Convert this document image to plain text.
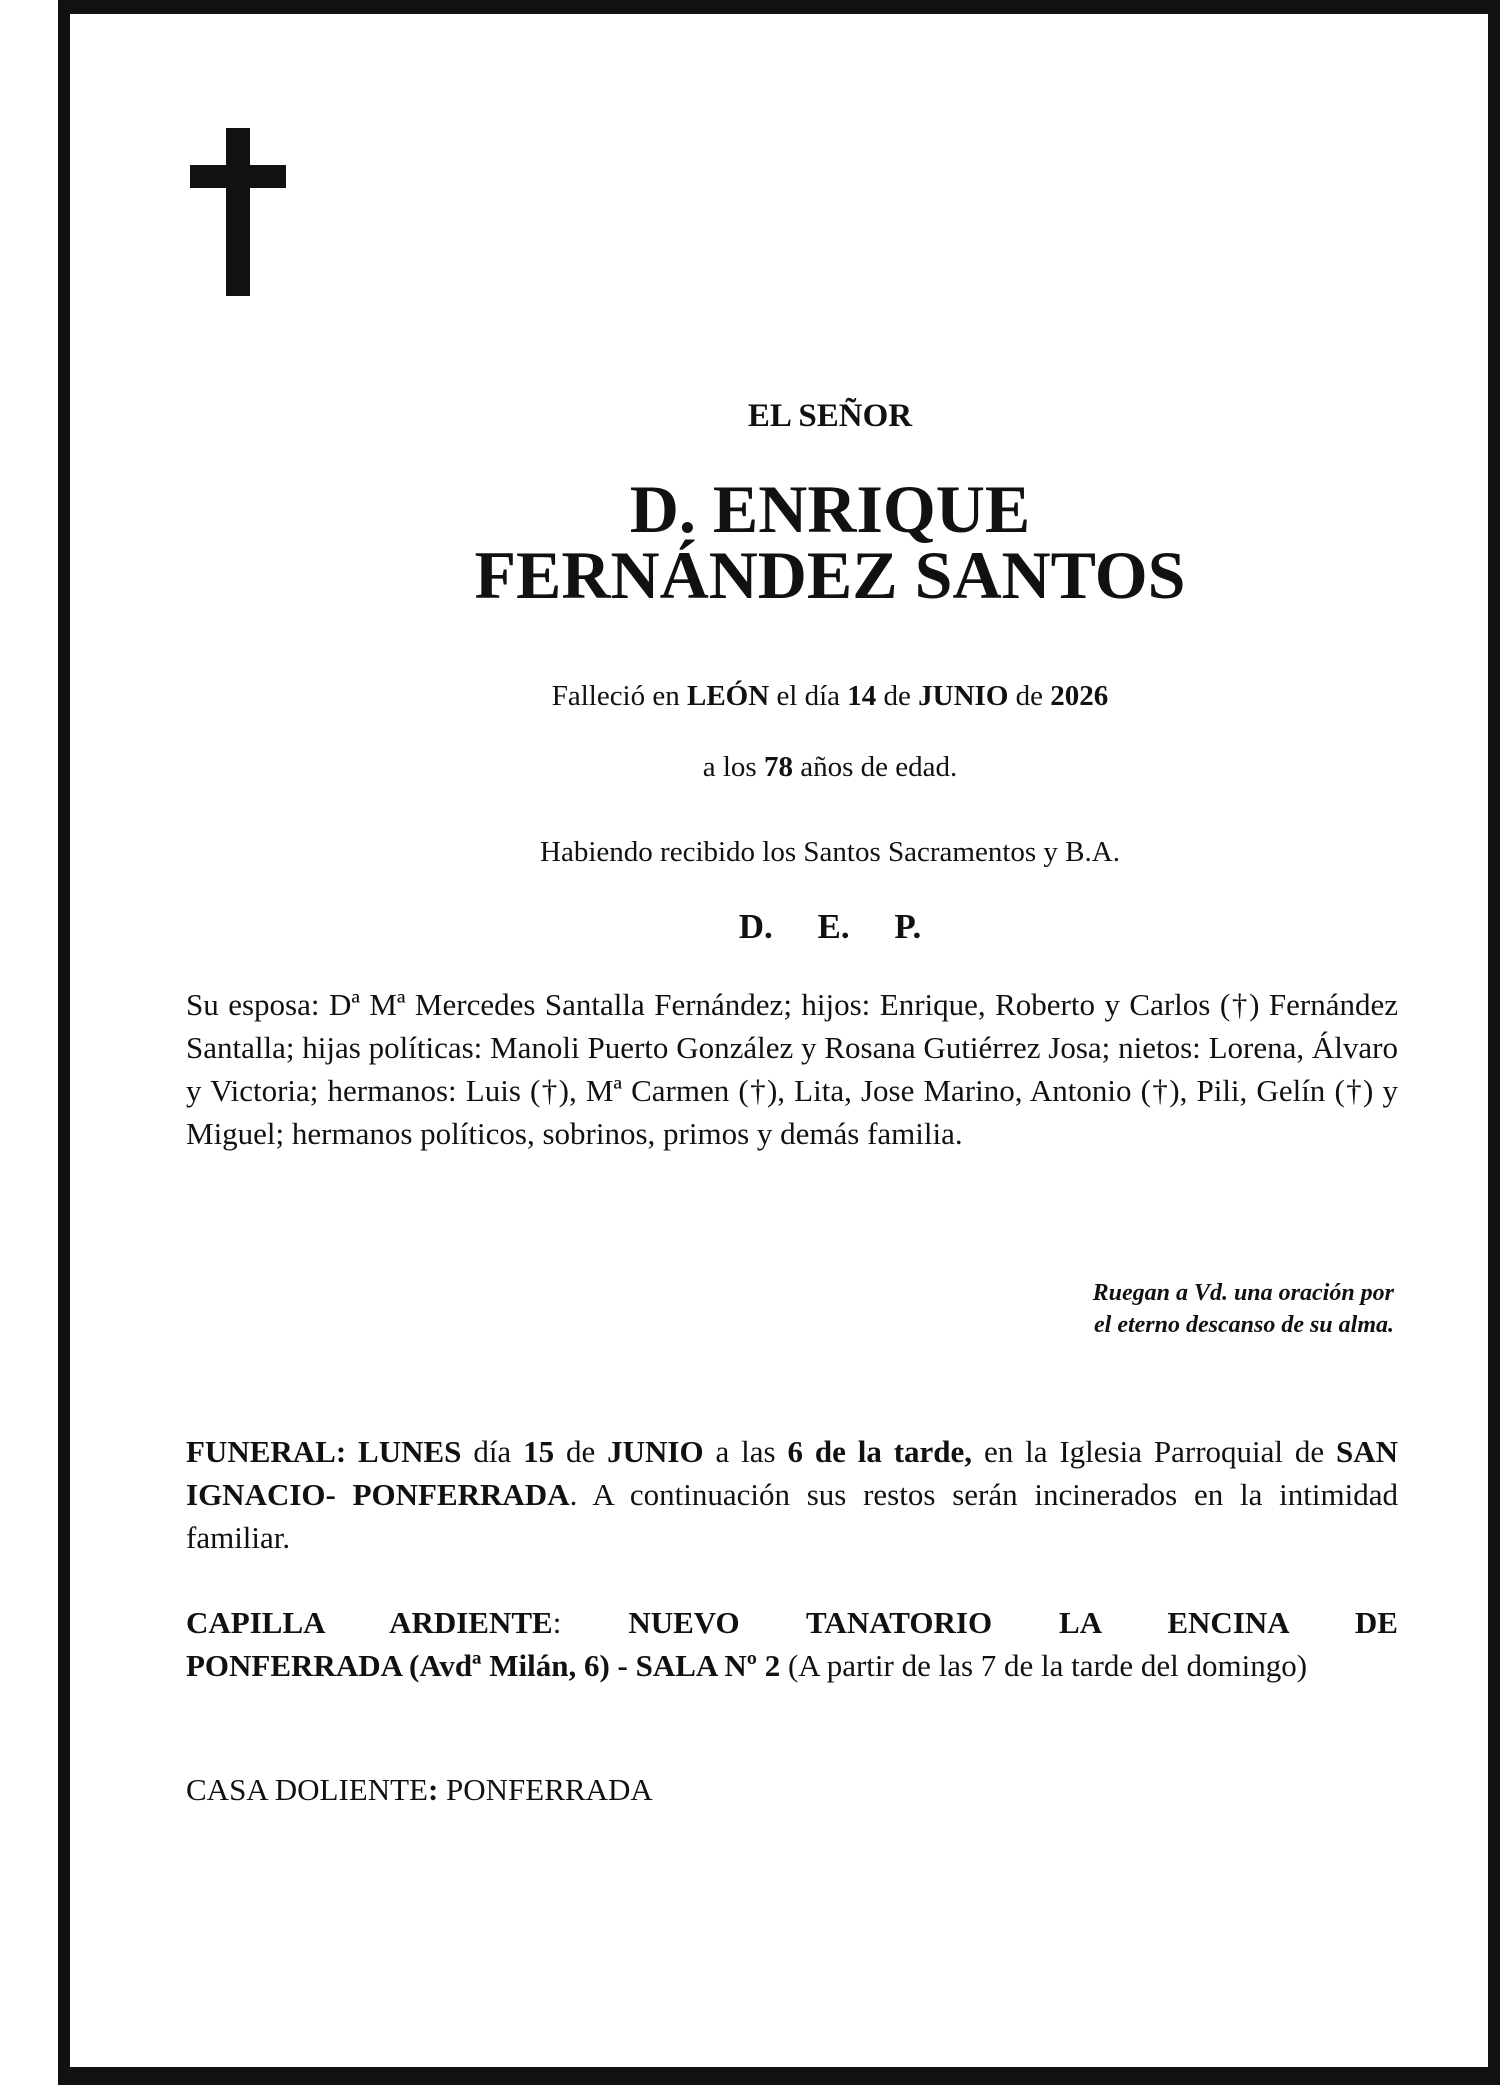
EL SEÑOR
D. ENRIQUE
FERNÁNDEZ SANTOS
Falleció en LEÓN el día 14 de JUNIO de 2026
a los 78 años de edad.
Habiendo recibido los Santos Sacramentos y B.A.
D. E. P.
Su esposa: Dª Mª Mercedes Santalla Fernández; hijos: Enrique, Roberto y Carlos (†) Fernández Santalla; hijas políticas: Manoli Puerto González y Rosana Gutiérrez Josa; nietos: Lorena, Álvaro y Victoria; hermanos: Luis (†), Mª Carmen (†), Lita, Jose Marino, Antonio (†), Pili, Gelín (†) y Miguel; hermanos políticos, sobrinos, primos y demás familia.
Ruegan a Vd. una oración por
el eterno descanso de su alma.
FUNERAL: LUNES día 15 de JUNIO a las 6 de la tarde, en la Iglesia Parroquial de SAN IGNACIO- PONFERRADA. A continuación sus restos serán incinerados en la intimidad familiar.
CAPILLA ARDIENTE: NUEVO TANATORIO LA ENCINA DE
PONFERRADA (Avdª Milán, 6) - SALA Nº 2 (A partir de las 7 de la tarde del domingo)
CASA DOLIENTE: PONFERRADA
